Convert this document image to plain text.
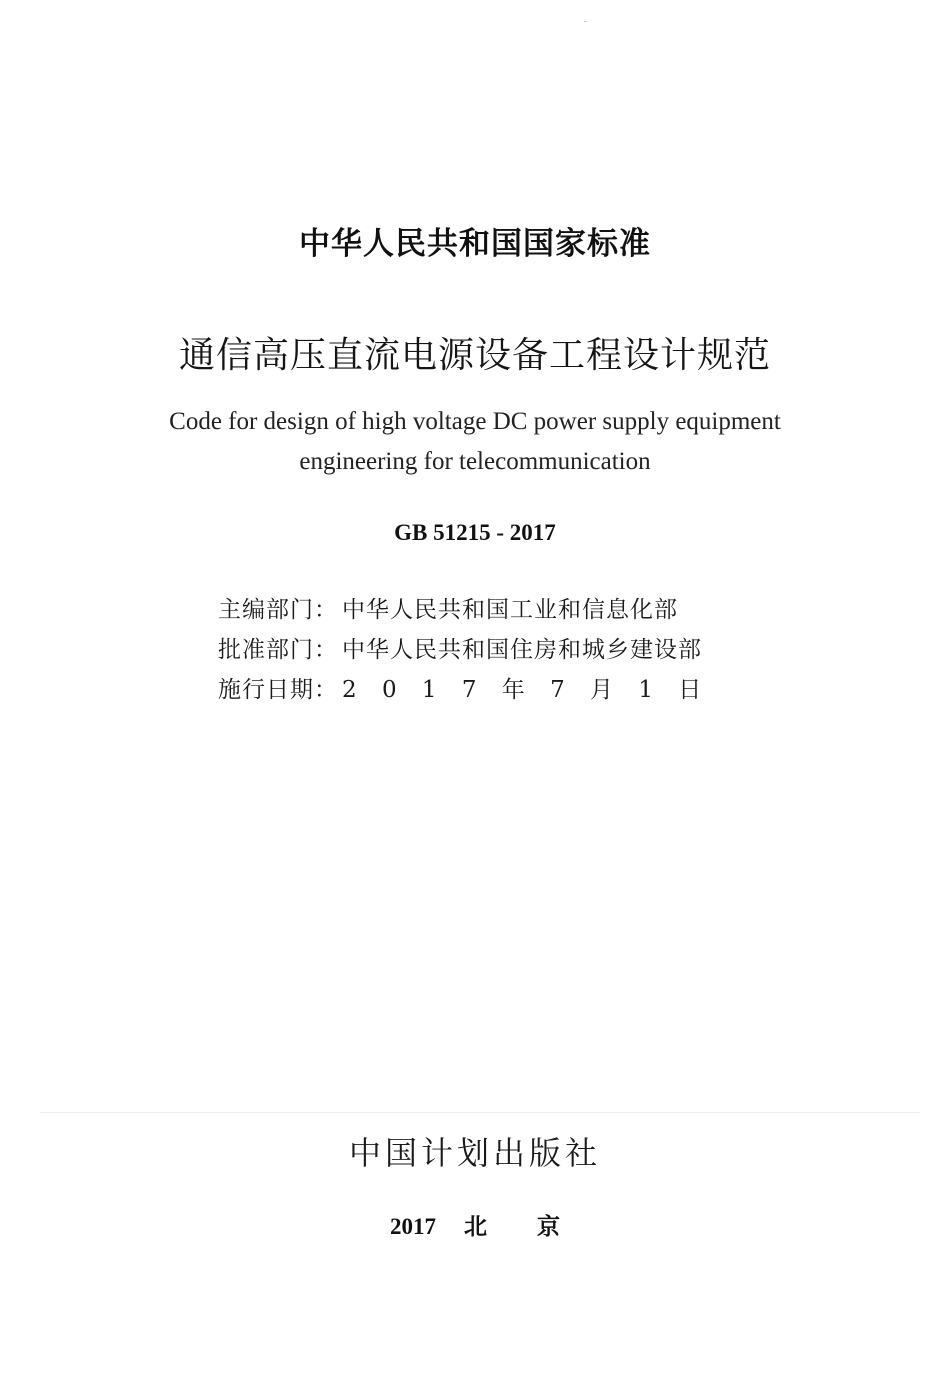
中华人民共和国国家标准
通信高压直流电源设备工程设计规范
Code for design of high voltage DC power supply equipment
engineering for telecommunication
GB 51215 - 2017
主编部门： 中华人民共和国工业和信息化部
批准部门： 中华人民共和国住房和城乡建设部
施行日期： 2 0 1 7 年 7 月 1 日
中国计划出版社
2017 北 京
